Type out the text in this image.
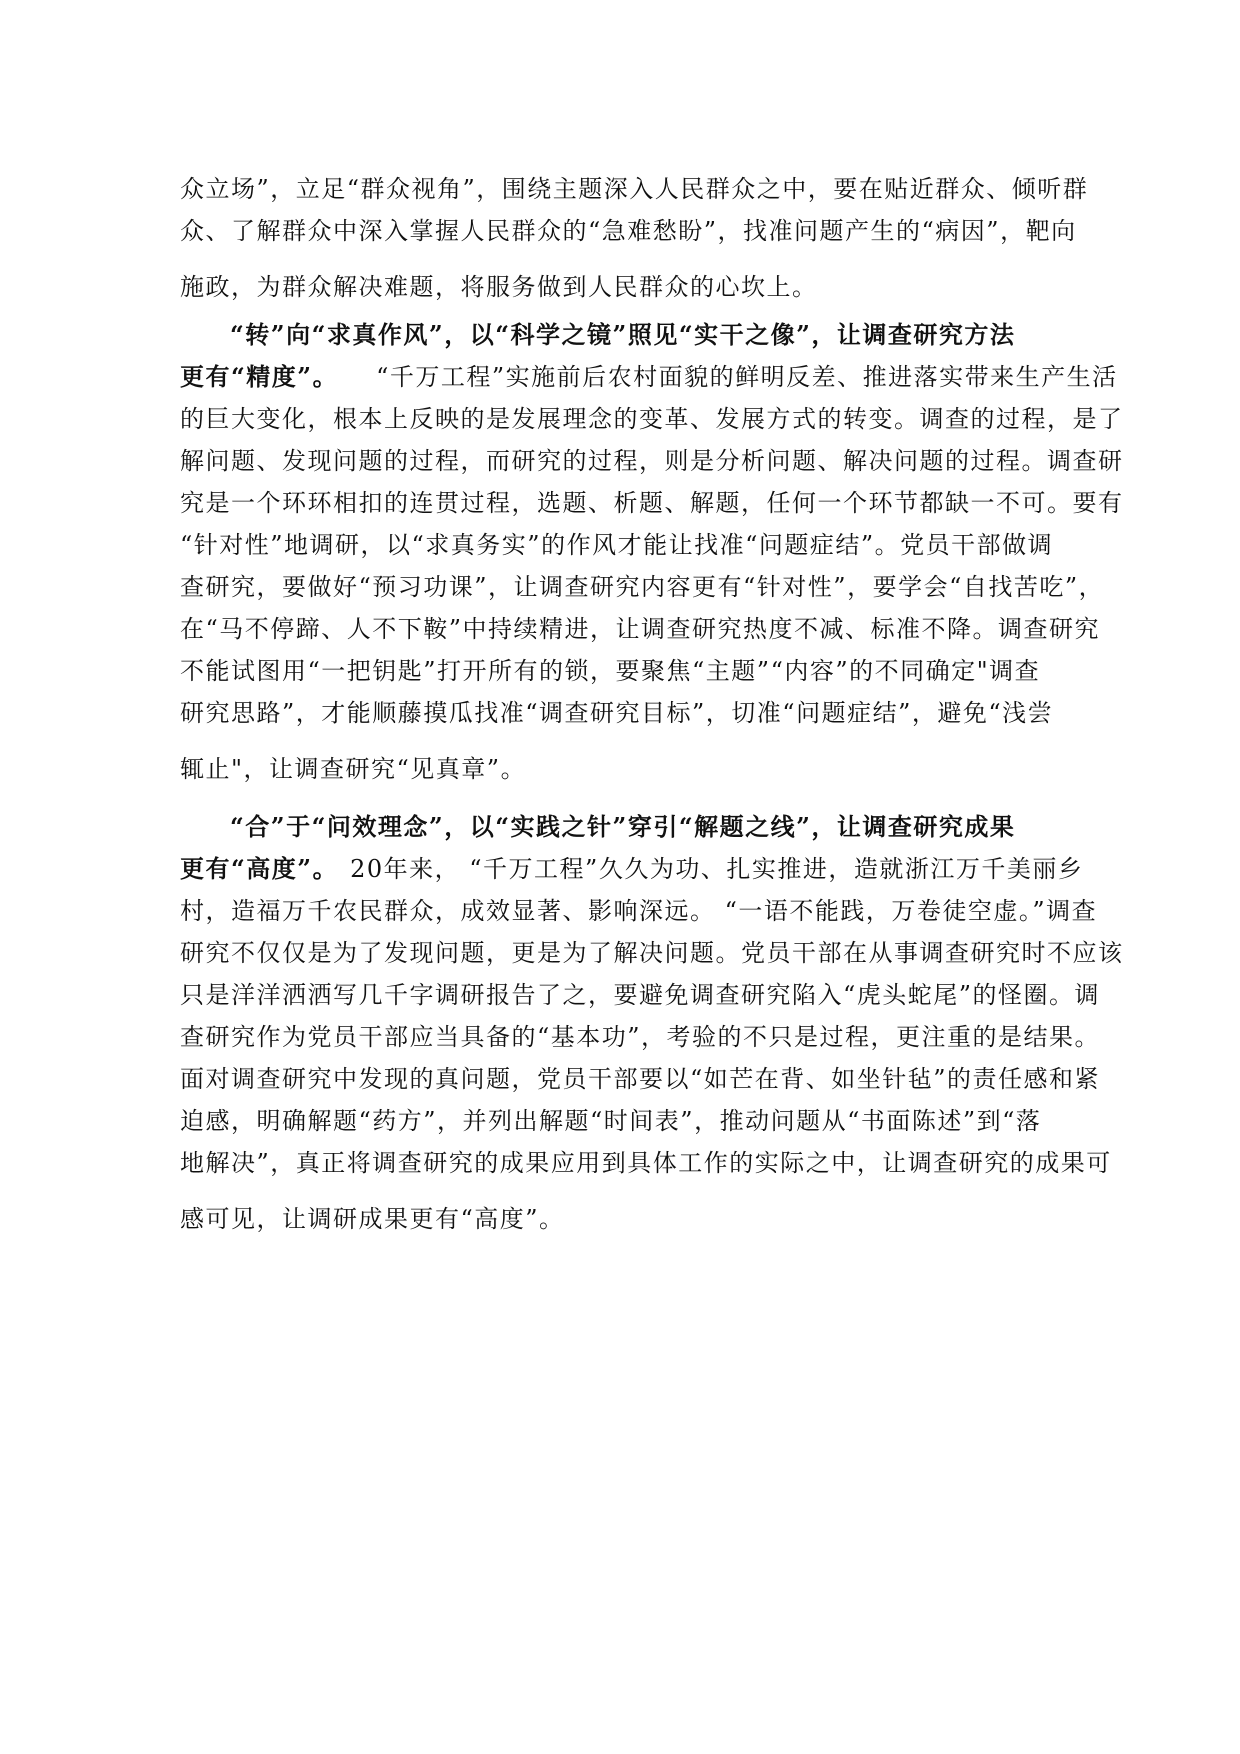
众立场”，立足“群众视角”，围绕主题深入人民群众之中，要在贴近群众、倾听群
众、了解群众中深入掌握人民群众的“急难愁盼”，找准问题产生的“病因”，靶向
施政，为群众解决难题，将服务做到人民群众的心坎上。
“转”向“求真作风”，以“科学之镜”照见“实干之像”，让调查研究方法
更有“精度”。 “千万工程”实施前后农村面貌的鲜明反差、推进落实带来生产生活
的巨大变化，根本上反映的是发展理念的变革、发展方式的转变。调查的过程，是了
解问题、发现问题的过程，而研究的过程，则是分析问题、解决问题的过程。调查研
究是一个环环相扣的连贯过程，选题、析题、解题，任何一个环节都缺一不可。要有
“针对性”地调研，以“求真务实”的作风才能让找准“问题症结”。党员干部做调
查研究，要做好“预习功课”，让调查研究内容更有“针对性”，要学会“自找苦吃”，
在“马不停蹄、人不下鞍”中持续精进，让调查研究热度不减、标准不降。调查研究
不能试图用“一把钥匙”打开所有的锁，要聚焦“主题”“内容”的不同确定"调查
研究思路”，才能顺藤摸瓜找准“调查研究目标”，切准“问题症结”，避免“浅尝
辄止"，让调查研究“见真章”。
“合”于“问效理念”，以“实践之针”穿引“解题之线”，让调查研究成果
更有“高度”。 20年来， “千万工程”久久为功、扎实推进，造就浙江万千美丽乡
村，造福万千农民群众，成效显著、影响深远。 “一语不能践，万卷徒空虚。”调查
研究不仅仅是为了发现问题，更是为了解决问题。党员干部在从事调查研究时不应该
只是洋洋洒洒写几千字调研报告了之，要避免调查研究陷入“虎头蛇尾”的怪圈。调
查研究作为党员干部应当具备的“基本功”，考验的不只是过程，更注重的是结果。
面对调查研究中发现的真问题，党员干部要以“如芒在背、如坐针毡”的责任感和紧
迫感，明确解题“药方”，并列出解题“时间表”，推动问题从“书面陈述”到“落
地解决”，真正将调查研究的成果应用到具体工作的实际之中，让调查研究的成果可
感可见，让调研成果更有“高度”。
